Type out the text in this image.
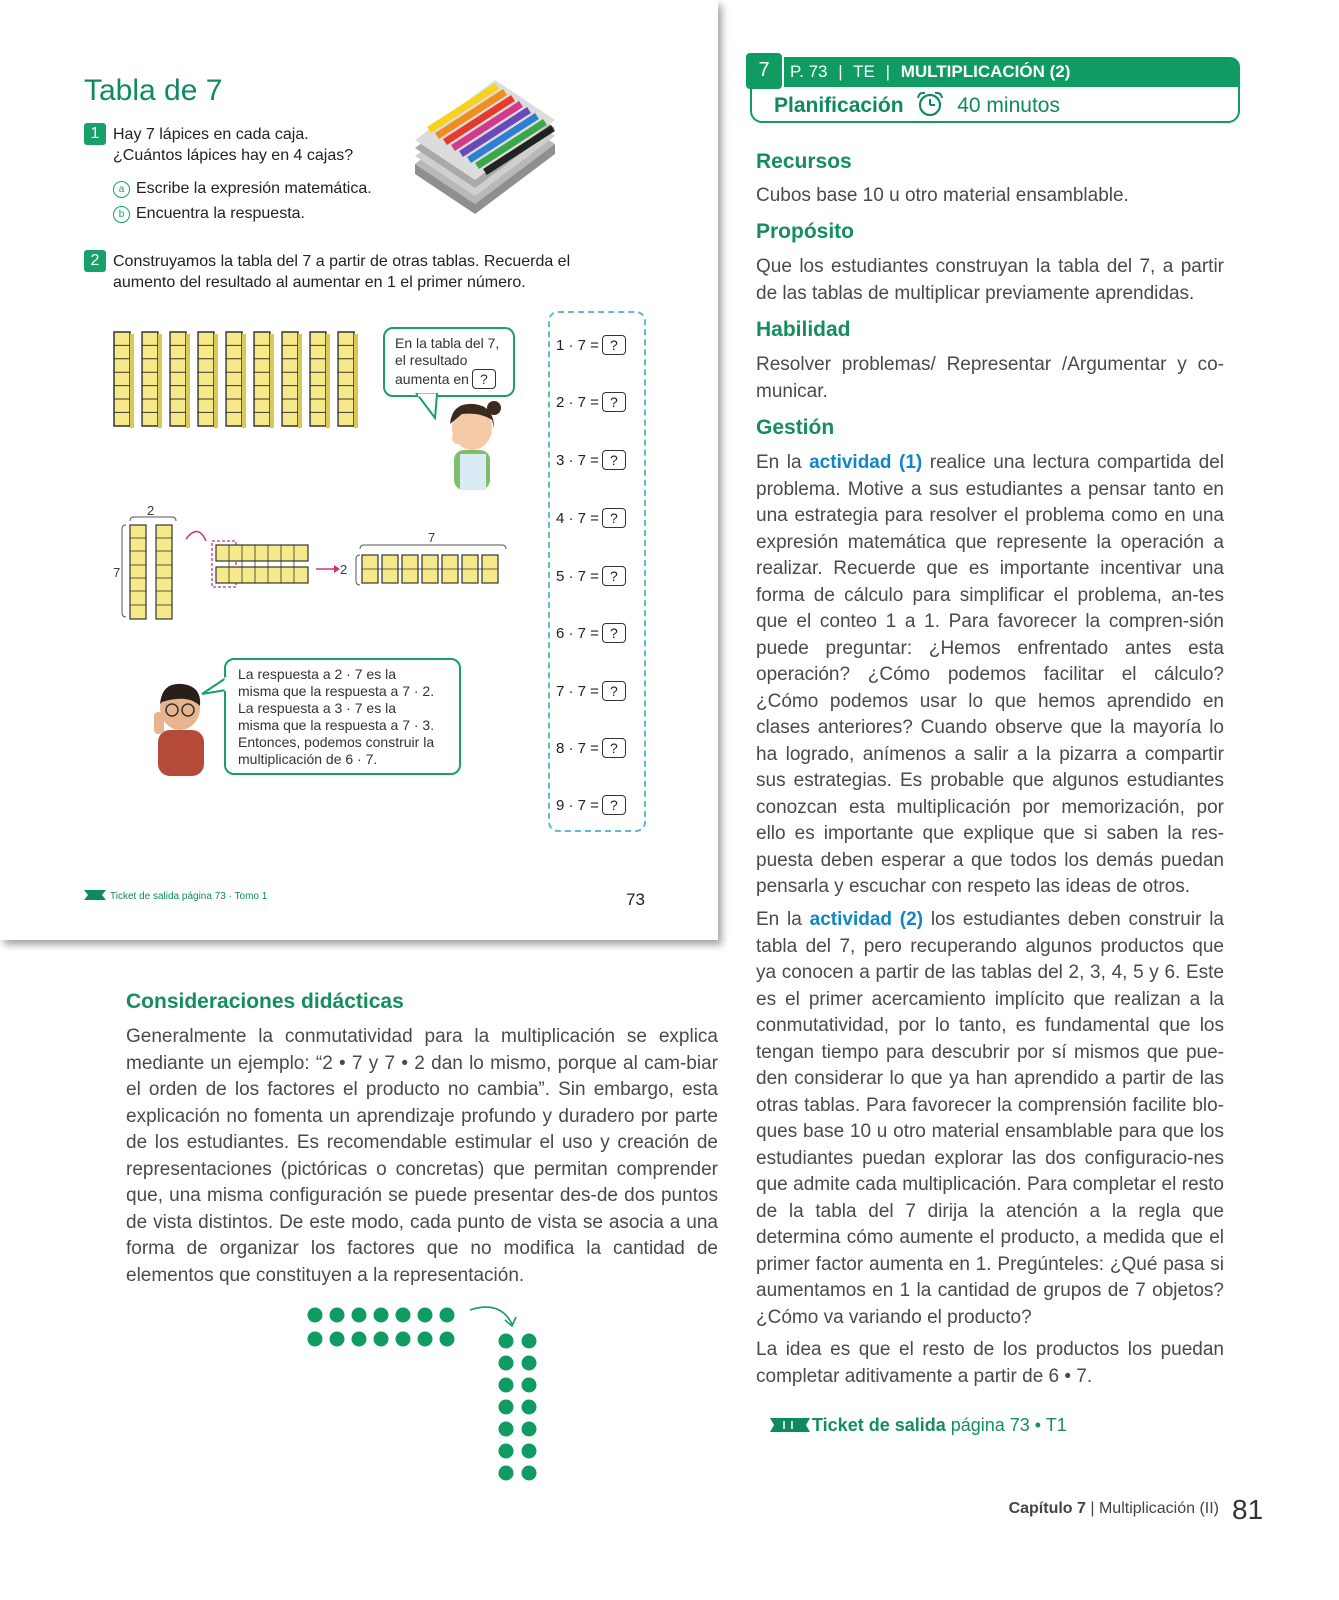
Tabla de 7
1 Hay 7 lápices en cada caja.
¿Cuántos lápices hay en 4 cajas?
a Escribe la expresión matemática.
b Encuentra la respuesta.
2 Construyamos la tabla del 7 a partir de otras tablas. Recuerda el
aumento del resultado al aumentar en 1 el primer número.
En la tabla del 7,
el resultado
aumenta en ?
2
7
7
2
La respuesta a 2 · 7 es la
misma que la respuesta a 7 · 2.
La respuesta a 3 · 7 es la
misma que la respuesta a 7 · 3.
Entonces, podemos construir la
multiplicación de 6 · 7.
1 · 7 = ?
2 · 7 = ?
3 · 7 = ?
4 · 7 = ?
5 · 7 = ?
6 · 7 = ?
7 · 7 = ?
8 · 7 = ?
9 · 7 = ?
Ticket de salida página 73 · Tomo 1	73
7	P. 73 | TE | MULTIPLICACIÓN (2)
Planificación	40 minutos
Recursos
Cubos base 10 u otro material ensamblable.
Propósito
Que los estudiantes construyan la tabla del 7, a partir de las tablas de multiplicar previamente aprendidas.
Habilidad
Resolver problemas/ Representar /Argumentar y co-municar.
Gestión
En la actividad (1) realice una lectura compartida del problema. Motive a sus estudiantes a pensar tanto en una estrategia para resolver el problema como en una expresión matemática que represente la operación a realizar. Recuerde que es importante incentivar una forma de cálculo para simplificar el problema, an-tes que el conteo 1 a 1. Para favorecer la compren-sión puede preguntar: ¿Hemos enfrentado antes esta operación? ¿Cómo podemos facilitar el cálculo? ¿Cómo podemos usar lo que hemos aprendido en clases anteriores? Cuando observe que la mayoría lo ha logrado, anímenos a salir a la pizarra a compartir sus estrategias. Es probable que algunos estudiantes conozcan esta multiplicación por memorización, por ello es importante que explique que si saben la res-puesta deben esperar a que todos los demás puedan pensarla y escuchar con respeto las ideas de otros.
En la actividad (2) los estudiantes deben construir la tabla del 7, pero recuperando algunos productos que ya conocen a partir de las tablas del 2, 3, 4, 5 y 6. Este es el primer acercamiento implícito que realizan a la conmutatividad, por lo tanto, es fundamental que los tengan tiempo para descubrir por sí mismos que pue-den considerar lo que ya han aprendido a partir de las otras tablas. Para favorecer la comprensión facilite blo-ques base 10 u otro material ensamblable para que los estudiantes puedan explorar las dos configuracio-nes que admite cada multiplicación. Para completar el resto de la tabla del 7 dirija la atención a la regla que determina cómo aumente el producto, a medida que el primer factor aumenta en 1. Pregúnteles: ¿Qué pasa si aumentamos en 1 la cantidad de grupos de 7 objetos? ¿Cómo va variando el producto?
La idea es que el resto de los productos los puedan completar aditivamente a partir de 6 • 7.
Ticket de salida página 73 • T1
Consideraciones didácticas
Generalmente la conmutatividad para la multiplicación se explica mediante un ejemplo: “2 • 7 y 7 • 2 dan lo mismo, porque al cam-biar el orden de los factores el producto no cambia”. Sin embargo, esta explicación no fomenta un aprendizaje profundo y duradero por parte de los estudiantes. Es recomendable estimular el uso y creación de representaciones (pictóricas o concretas) que permitan comprender que, una misma configuración se puede presentar des-de dos puntos de vista distintos. De este modo, cada punto de vista se asocia a una forma de organizar los factores que no modifica la cantidad de elementos que constituyen a la representación.
Capítulo 7 | Multiplicación (II) 81
